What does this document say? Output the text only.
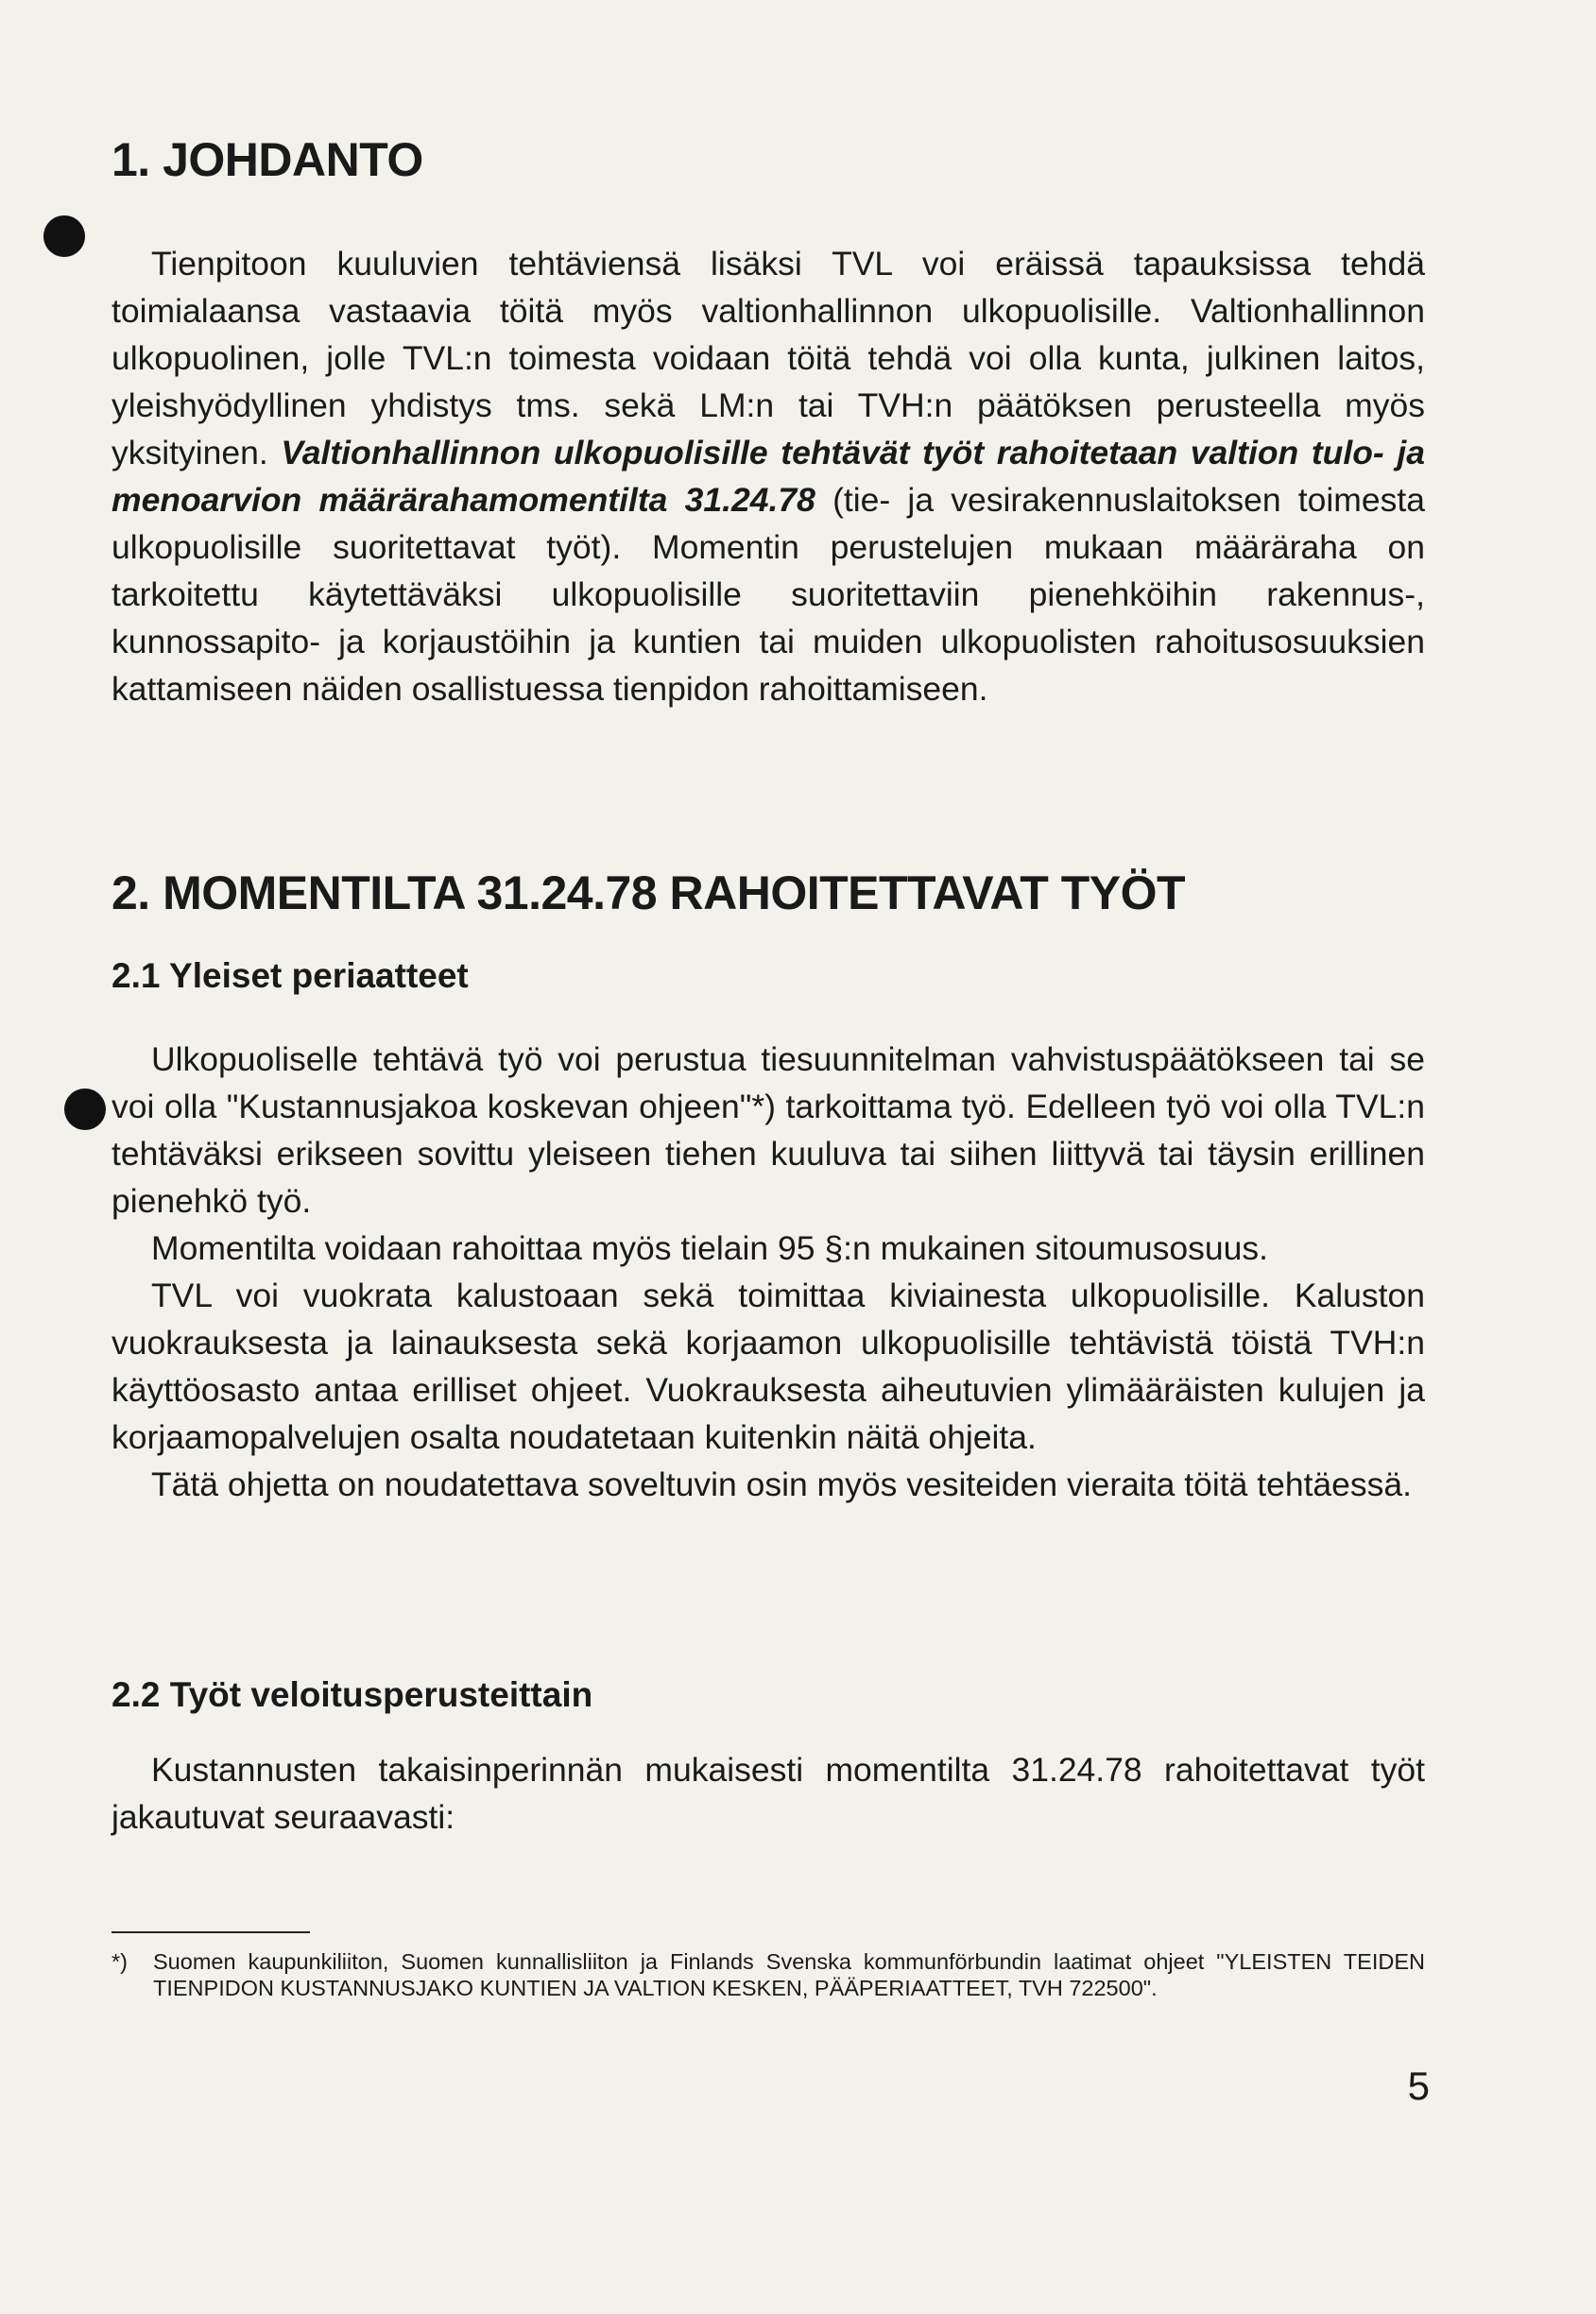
1. JOHDANTO

Tienpitoon kuuluvien tehtäviensä lisäksi TVL voi eräissä tapauksissa tehdä toimialaansa vastaavia töitä myös valtionhallinnon ulkopuolisille. Valtionhallinnon ulkopuolinen, jolle TVL:n toimesta voidaan töitä tehdä voi olla kunta, julkinen laitos, yleishyödyllinen yhdistys tms. sekä LM:n tai TVH:n päätöksen perusteella myös yksityinen. Valtionhallinnon ulkopuolisille tehtävät työt rahoitetaan valtion tulo- ja menoarvion määrärahamomentilta 31.24.78 (tie- ja vesirakennuslaitoksen toimesta ulkopuolisille suoritettavat työt). Momentin perustelujen mukaan määräraha on tarkoitettu käytettäväksi ulkopuolisille suoritettaviin pienehköihin rakennus-, kunnossapito- ja korjaustöihin ja kuntien tai muiden ulkopuolisten rahoitusosuuksien kattamiseen näiden osallistuessa tienpidon rahoittamiseen.

2. MOMENTILTA 31.24.78 RAHOITETTAVAT TYÖT
2.1 Yleiset periaatteet

Ulkopuoliselle tehtävä työ voi perustua tiesuunnitelman vahvistuspäätökseen tai se voi olla "Kustannusjakoa koskevan ohjeen"*) tarkoittama työ. Edelleen työ voi olla TVL:n tehtäväksi erikseen sovittu yleiseen tiehen kuuluva tai siihen liittyvä tai täysin erillinen pienehkö työ.

Momentilta voidaan rahoittaa myös tielain 95 §:n mukainen sitoumusosuus.

TVL voi vuokrata kalustoaan sekä toimittaa kiviainesta ulkopuolisille. Kaluston vuokrauksesta ja lainauksesta sekä korjaamon ulkopuolisille tehtävistä töistä TVH:n käyttöosasto antaa erilliset ohjeet. Vuokrauksesta aiheutuvien ylimääräisten kulujen ja korjaamopalvelujen osalta noudatetaan kuitenkin näitä ohjeita.

Tätä ohjetta on noudatettava soveltuvin osin myös vesiteiden vieraita töitä tehtäessä.

2.2 Työt veloitusperusteittain

Kustannusten takaisinperinnän mukaisesti momentilta 31.24.78 rahoitettavat työt jakautuvat seuraavasti:

*) Suomen kaupunkiliiton, Suomen kunnallisliiton ja Finlands Svenska kommunförbundin laatimat ohjeet "YLEISTEN TEIDEN TIENPIDON KUSTANNUSJAKO KUNTIEN JA VALTION KESKEN, PÄÄPERIAATTEET, TVH 722500".
5
